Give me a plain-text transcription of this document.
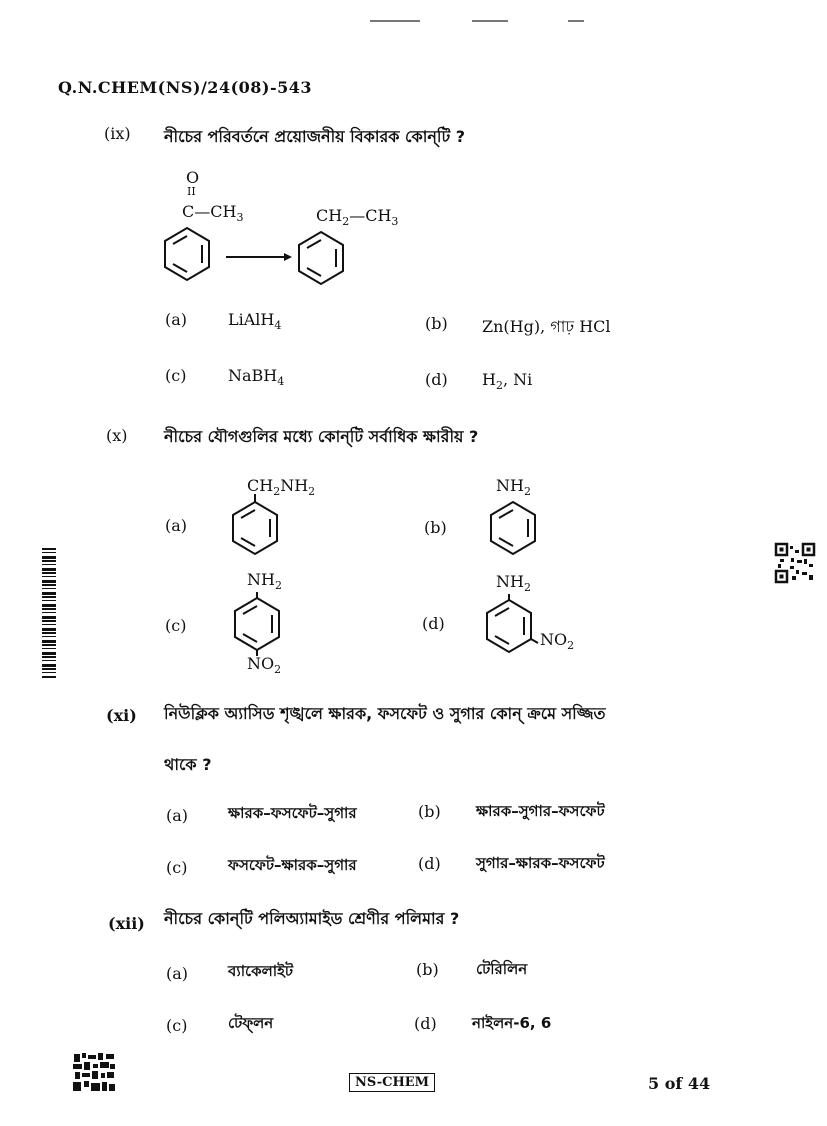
Q.N.CHEM(NS)/24(08)-543
(ix) নীচের পরিবর্তনে প্রয়োজনীয় বিকারক কোন্‌টি ?
O
II
$C—CH_3$	$CH_2—CH_3$
(a)	LiAlH$_4$	(b) Zn(Hg), গাঢ় HCl
(c)	NaBH$_4$	(d) $H_2$, Ni
(x) নীচের যৌগগুলির মধ্যে কোন্‌টি সর্বাধিক ক্ষারীয় ?
(a)
$CH_2NH_2$
(b)
$NH_2$
(c)
$NH_2$
$NO_2$
(d)
$NH_2$
$NO_2$
(xi) নিউক্লিক অ্যাসিড শৃঙ্খলে ক্ষারক, ফসফেট ও সুগার কোন্‌ ক্রমে সজ্জিত
থাকে ?
(a)	ক্ষারক–ফসফেট–সুগার	(b) ক্ষারক–সুগার–ফসফেট
(c)	ফসফেট–ক্ষারক–সুগার	(d) সুগার–ক্ষারক–ফসফেট
(xii) নীচের কোন্‌টি পলিঅ্যামাইড শ্রেণীর পলিমার ?
(a)	ব্যাকেলাইট	(b) টেরিলিন
(c)	টেফ্‌লন	(d) নাইলন-6, 6
NS-CHEM	5 of 44
